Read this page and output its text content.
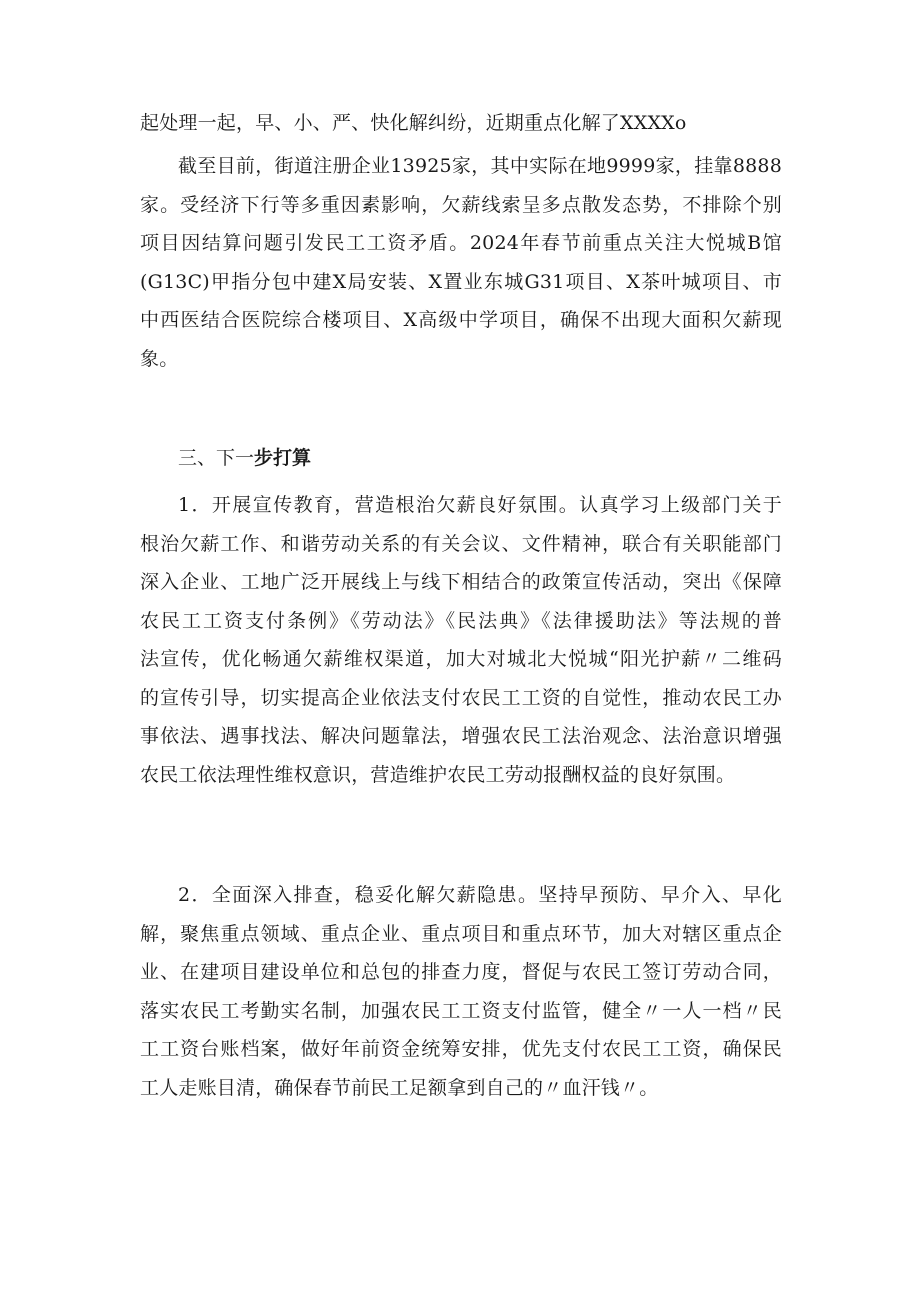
起处理一起，早、小、严、快化解纠纷，近期重点化解了XXXXo
截至目前，街道注册企业13925家，其中实际在地9999家，挂靠8888
家。受经济下行等多重因素影响，欠薪线索呈多点散发态势，不排除个别
项目因结算问题引发民工工资矛盾。2024年春节前重点关注大悦城B馆
(G13C)甲指分包中建X局安装、X置业东城G31项目、X茶叶城项目、市
中西医结合医院综合楼项目、X高级中学项目，确保不出现大面积欠薪现
象。
三、下一步打算
1．开展宣传教育，营造根治欠薪良好氛围。认真学习上级部门关于
根治欠薪工作、和谐劳动关系的有关会议、文件精神，联合有关职能部门
深入企业、工地广泛开展线上与线下相结合的政策宣传活动，突出《保障
农民工工资支付条例》《劳动法》《民法典》《法律援助法》等法规的普
法宣传，优化畅通欠薪维权渠道，加大对城北大悦城“阳光护薪〃二维码
的宣传引导，切实提高企业依法支付农民工工资的自觉性，推动农民工办
事依法、遇事找法、解决问题靠法，增强农民工法治观念、法治意识增强
农民工依法理性维权意识，营造维护农民工劳动报酬权益的良好氛围。
2．全面深入排查，稳妥化解欠薪隐患。坚持早预防、早介入、早化
解，聚焦重点领域、重点企业、重点项目和重点环节，加大对辖区重点企
业、在建项目建设单位和总包的排查力度，督促与农民工签订劳动合同，
落实农民工考勤实名制，加强农民工工资支付监管，健全〃一人一档〃民
工工资台账档案，做好年前资金统筹安排，优先支付农民工工资，确保民
工人走账目清，确保春节前民工足额拿到自己的〃血汗钱〃。
